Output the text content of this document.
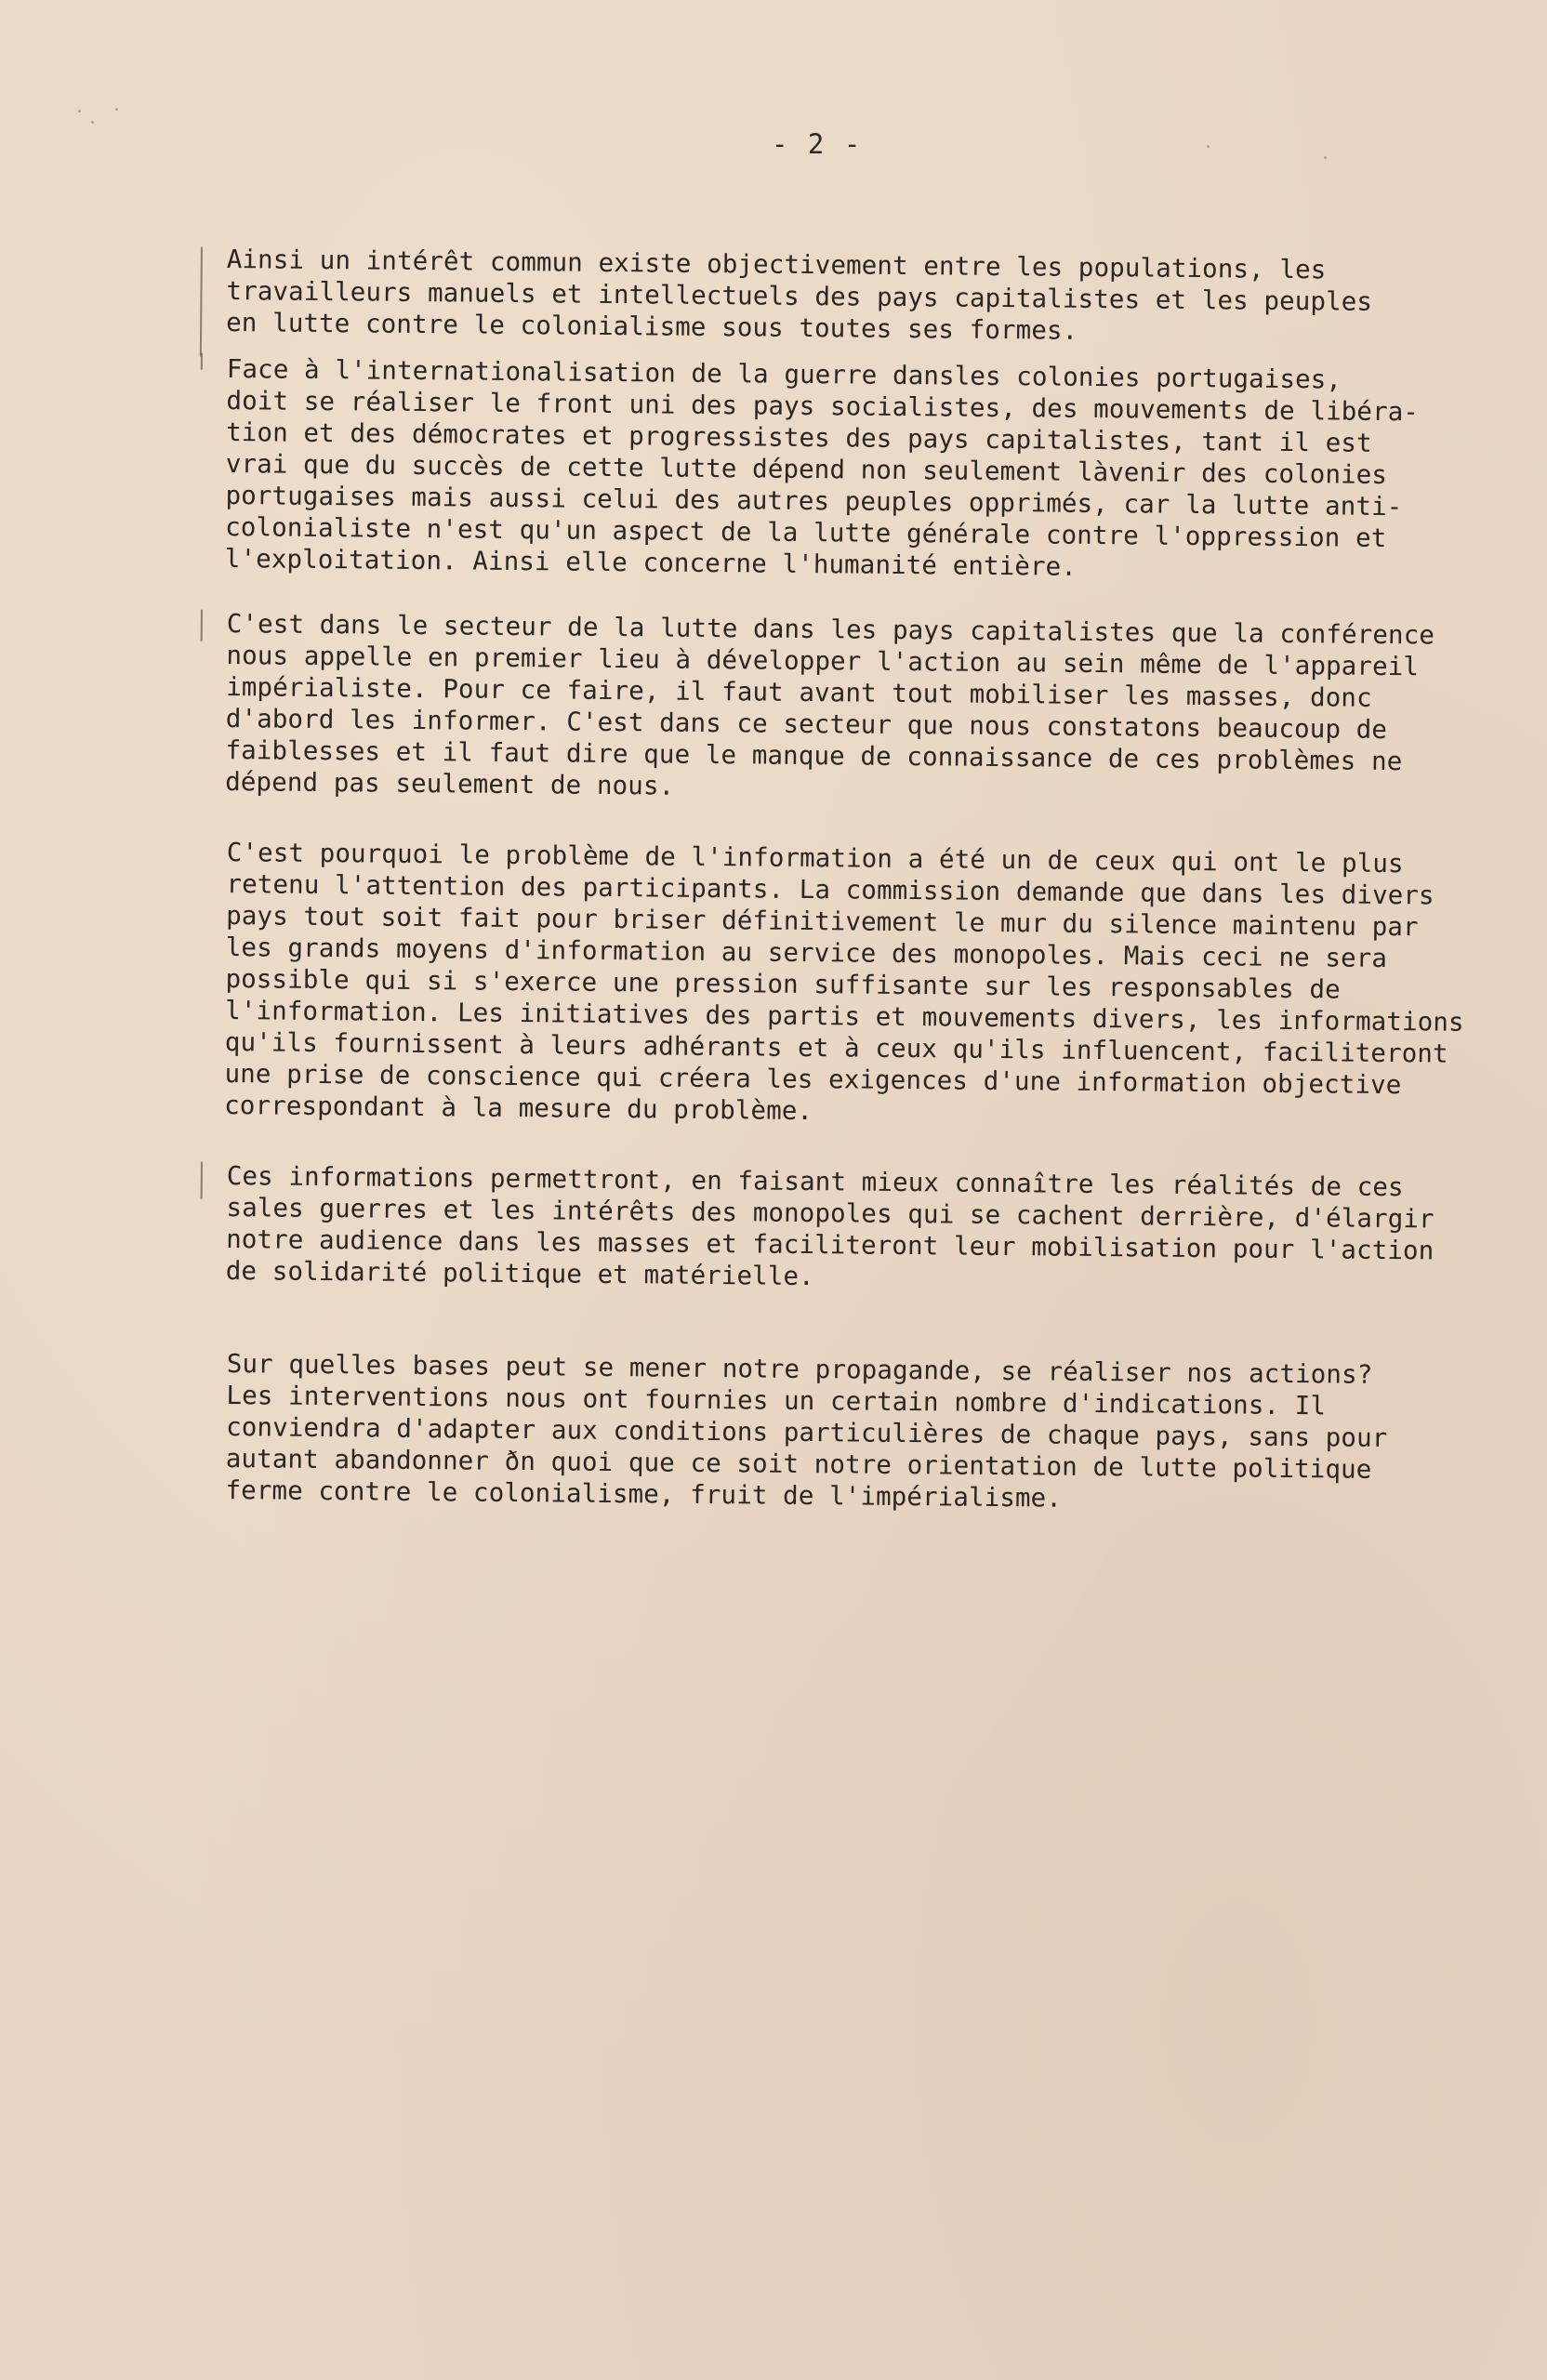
- 2 -
Ainsi un intérêt commun existe objectivement entre les populations, les
travailleurs manuels et intellectuels des pays capitalistes et les peuples
en lutte contre le colonialisme sous toutes ses formes.
Face à l'internationalisation de la guerre dansles colonies portugaises,
doit se réaliser le front uni des pays socialistes, des mouvements de libéra-
tion et des démocrates et progressistes des pays capitalistes, tant il est
vrai que du succès de cette lutte dépend non seulement làvenir des colonies
portugaises mais aussi celui des autres peuples opprimés, car la lutte anti-
colonialiste n'est qu'un aspect de la lutte générale contre l'oppression et
l'exploitation. Ainsi elle concerne l'humanité entière.
C'est dans le secteur de la lutte dans les pays capitalistes que la conférence
nous appelle en premier lieu à développer l'action au sein même de l'appareil
impérialiste. Pour ce faire, il faut avant tout mobiliser les masses, donc
d'abord les informer. C'est dans ce secteur que nous constatons beaucoup de
faiblesses et il faut dire que le manque de connaissance de ces problèmes ne
dépend pas seulement de nous.
C'est pourquoi le problème de l'information a été un de ceux qui ont le plus
retenu l'attention des participants. La commission demande que dans les divers
pays tout soit fait pour briser définitivement le mur du silence maintenu par
les grands moyens d'information au service des monopoles. Mais ceci ne sera
possible qui si s'exerce une pression suffisante sur les responsables de
l'information. Les initiatives des partis et mouvements divers, les informations
qu'ils fournissent à leurs adhérants et à ceux qu'ils influencent, faciliteront
une prise de conscience qui créera les exigences d'une information objective
correspondant à la mesure du problème.
Ces informations permettront, en faisant mieux connaître les réalités de ces
sales guerres et les intérêts des monopoles qui se cachent derrière, d'élargir
notre audience dans les masses et faciliteront leur mobilisation pour l'action
de solidarité politique et matérielle.
Sur quelles bases peut se mener notre propagande, se réaliser nos actions?
Les interventions nous ont fournies un certain nombre d'indications. Il
conviendra d'adapter aux conditions particulières de chaque pays, sans pour
autant abandonner ðn quoi que ce soit notre orientation de lutte politique
ferme contre le colonialisme, fruit de l'impérialisme.
